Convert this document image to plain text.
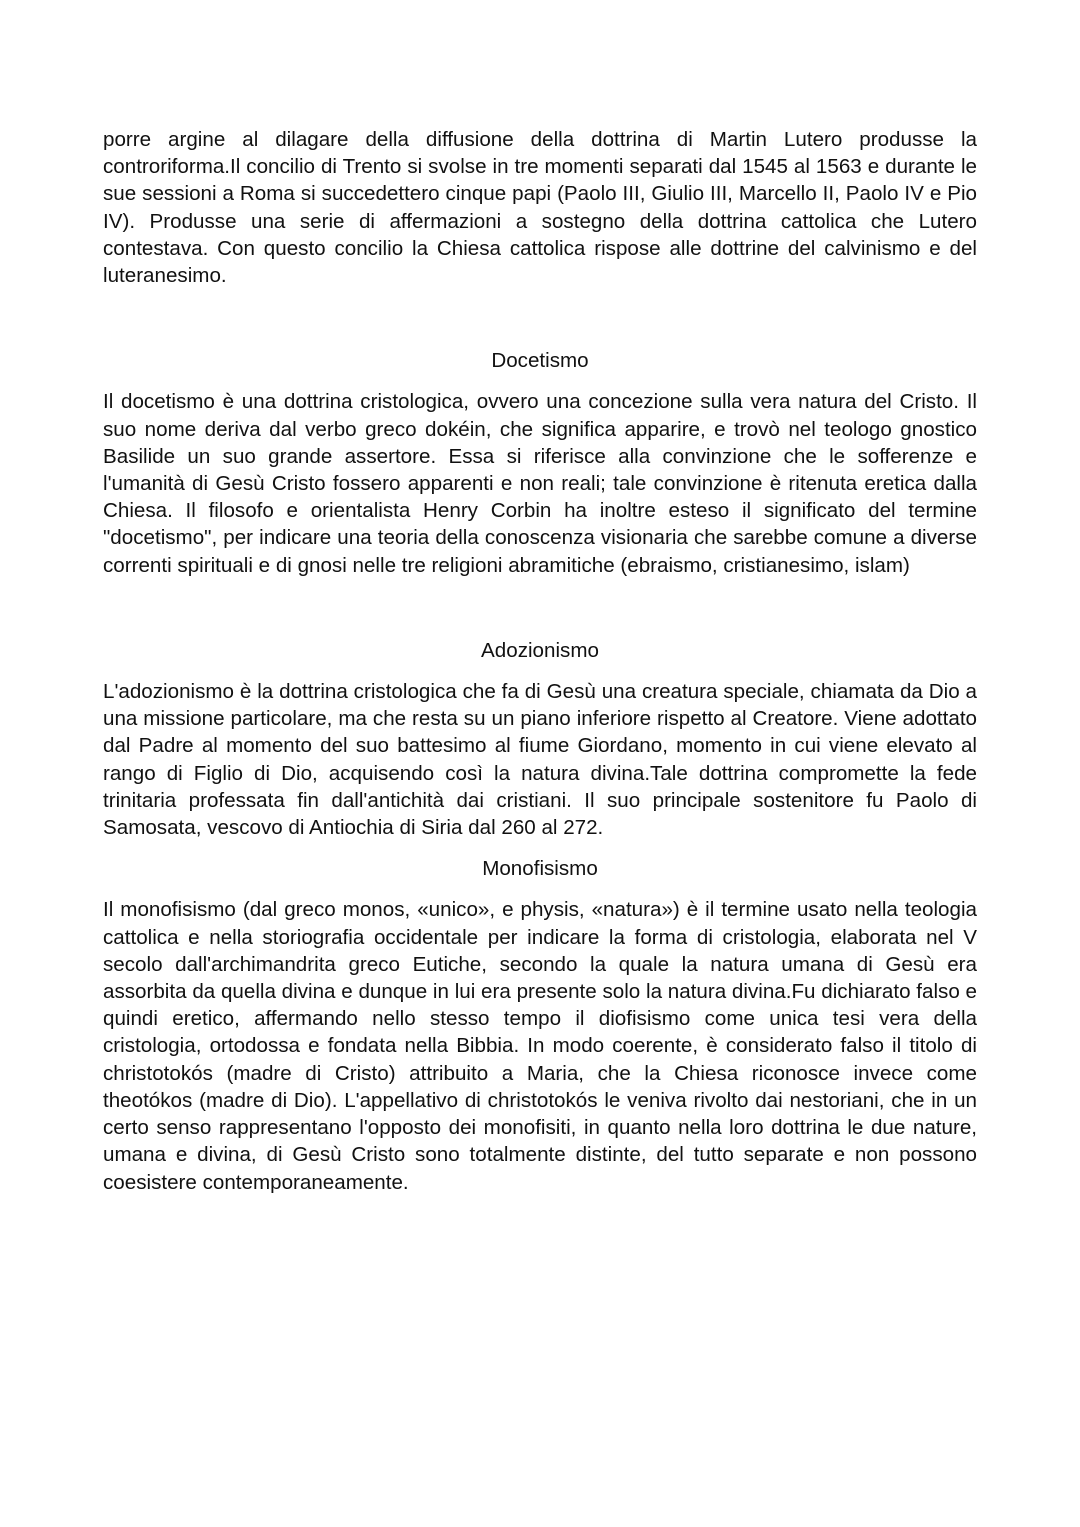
porre argine al dilagare della diffusione della dottrina di Martin Lutero produsse la controriforma.Il concilio di Trento si svolse in tre momenti separati dal 1545 al 1563 e durante le sue sessioni a Roma si succedettero cinque papi (Paolo III, Giulio III, Marcello II, Paolo IV e Pio IV). Produsse una serie di affermazioni a sostegno della dottrina cattolica che Lutero contestava. Con questo concilio la Chiesa cattolica rispose alle dottrine del calvinismo e del luteranesimo.

Docetismo

Il docetismo è una dottrina cristologica, ovvero una concezione sulla vera natura del Cristo. Il suo nome deriva dal verbo greco dokéin, che significa apparire, e trovò nel teologo gnostico Basilide un suo grande assertore. Essa si riferisce alla convinzione che le sofferenze e l'umanità di Gesù Cristo fossero apparenti e non reali; tale convinzione è ritenuta eretica dalla Chiesa. Il filosofo e orientalista Henry Corbin ha inoltre esteso il significato del termine "docetismo", per indicare una teoria della conoscenza visionaria che sarebbe comune a diverse correnti spirituali e di gnosi nelle tre religioni abramitiche (ebraismo, cristianesimo, islam)

Adozionismo

L'adozionismo è la dottrina cristologica che fa di Gesù una creatura speciale, chiamata da Dio a una missione particolare, ma che resta su un piano inferiore rispetto al Creatore. Viene adottato dal Padre al momento del suo battesimo al fiume Giordano, momento in cui viene elevato al rango di Figlio di Dio, acquisendo così la natura divina.Tale dottrina compromette la fede trinitaria professata fin dall'antichità dai cristiani. Il suo principale sostenitore fu Paolo di Samosata, vescovo di Antiochia di Siria dal 260 al 272.

Monofisismo

Il monofisismo (dal greco monos, «unico», e physis, «natura») è il termine usato nella teologia cattolica e nella storiografia occidentale per indicare la forma di cristologia, elaborata nel V secolo dall'archimandrita greco Eutiche, secondo la quale la natura umana di Gesù era assorbita da quella divina e dunque in lui era presente solo la natura divina.Fu dichiarato falso e quindi eretico, affermando nello stesso tempo il diofisismo come unica tesi vera della cristologia, ortodossa e fondata nella Bibbia. In modo coerente, è considerato falso il titolo di christotokós (madre di Cristo) attribuito a Maria, che la Chiesa riconosce invece come theotókos (madre di Dio). L'appellativo di christotokós le veniva rivolto dai nestoriani, che in un certo senso rappresentano l'opposto dei monofisiti, in quanto nella loro dottrina le due nature, umana e divina, di Gesù Cristo sono totalmente distinte, del tutto separate e non possono coesistere contemporaneamente.
